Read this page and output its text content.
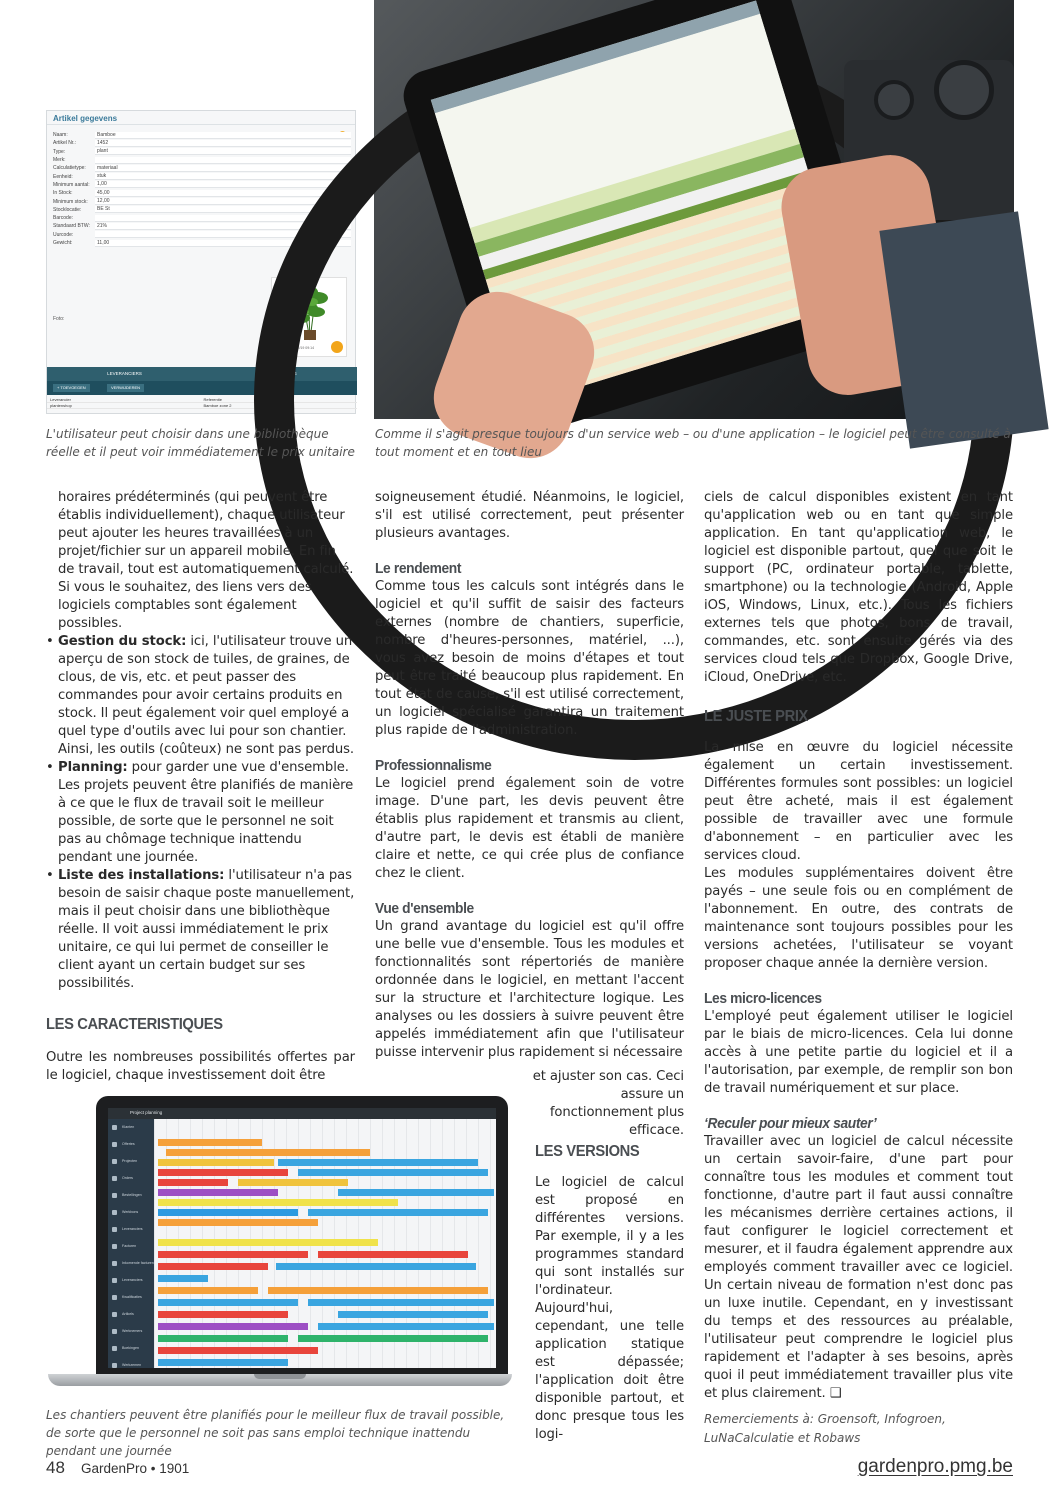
Artikel gegevens
Naam:	Bamboe
Artikel Nr.:	1452
Type:	plant
Merk:
Calculatietype:	materiaal
Eenheid:	stuk
Minimum aantal:	1,00
In Stock:	45,00
Minimum stock:	12,00
Stocklocatie:	BE St
Barcode:
Standaard BTW:	21%
Uurcode:
Gewicht:	11,00
Foto:
62 KB - 7/02/19 09:14
LEVERANCIERS	OMSCHRIJVING
+ TOEVOEGEN	VERWIJDEREN
Leverancier	Referentie
plantenshop	Bamboe zone 2
L'utilisateur peut choisir dans une bibliothèque réelle et il peut voir immédiatement le prix unitaire
Comme il s'agit presque toujours d'un service web – ou d'une application – le logiciel peut être consulté à tout moment et en tout lieu

horaires prédéterminés (qui peuvent être établis individuellement), chaque utilisateur peut ajouter les heures travaillées à un projet/fichier sur un appareil mobile. En fin de travail, tout est automatiquement calculé. Si vous le souhaitez, des liens vers des logiciels comptables sont également possibles.

• Gestion du stock: ici, l'utilisateur trouve un aperçu de son stock de tuiles, de graines, de clous, de vis, etc. et peut passer des commandes pour avoir certains produits en stock. Il peut également voir quel employé a quel type d'outils avec lui pour son chantier. Ainsi, les outils (coûteux) ne sont pas perdus.
• Planning: pour garder une vue d'ensemble. Les projets peuvent être planifiés de manière à ce que le flux de travail soit le meilleur possible, de sorte que le personnel ne soit pas au chômage technique inattendu pendant une journée.
• Liste des installations: l'utilisateur n'a pas besoin de saisir chaque poste manuellement, mais il peut choisir dans une bibliothèque réelle. Il voit aussi immédiatement le prix unitaire, ce qui lui permet de conseiller le client ayant un certain budget sur ses possibilités.
LES CARACTERISTIQUES

Outre les nombreuses possibilités offertes par le logiciel, chaque investissement doit être

soigneusement étudié. Néanmoins, le logiciel, s'il est utilisé correctement, peut présenter plusieurs avantages.

Le rendement

Comme tous les calculs sont intégrés dans le logiciel et qu'il suffit de saisir des facteurs externes (nombre de chantiers, superficie, nombre d'heures-personnes, matériel, ...), vous avez besoin de moins d'étapes et tout peut être traité beaucoup plus rapidement. En tout état de cause, s'il est utilisé correctement, un logiciel spécialisé garantira un traitement plus rapide de l'administration.

Professionnalisme

Le logiciel prend également soin de votre image. D'une part, les devis peuvent être établis plus rapidement et transmis au client, d'autre part, le devis est établi de manière claire et nette, ce qui crée plus de confiance chez le client.

Vue d'ensemble

Un grand avantage du logiciel est qu'il offre une belle vue d'ensemble. Tous les modules et fonctionnalités sont répertoriés de manière ordonnée dans le logiciel, en mettant l'accent sur la structure et l'architecture logique. Les analyses ou les dossiers à suivre peuvent être appelés immédiatement afin que l'utilisateur puisse intervenir plus rapidement si nécessaire

et ajuster son cas. Ceci assure un fonctionnement plus efficace.

LES VERSIONS

Le logiciel de calcul est proposé en différentes versions. Par exemple, il y a les programmes standard qui sont installés sur l'ordinateur. Aujourd'hui, cependant, une telle application statique est dépassée; l'application doit être disponible partout, et donc presque tous les logi-

ciels de calcul disponibles existent en tant qu'application web ou en tant que simple application. En tant qu'application web, le logiciel est disponible partout, quel que soit le support (PC, ordinateur portable, tablette, smartphone) ou la technologie (Android, Apple iOS, Windows, Linux, etc.). Tous les fichiers externes tels que photos, bons de travail, commandes, etc. sont ensuite gérés via des services cloud tels que Dropbox, Google Drive, iCloud, OneDrive, etc.

LE JUSTE PRIX

La mise en œuvre du logiciel nécessite également un certain investissement. Différentes formules sont possibles: un logiciel peut être acheté, mais il est également possible de travailler avec une formule d'abonnement – en particulier avec les services cloud.

Les modules supplémentaires doivent être payés – une seule fois ou en complément de l'abonnement. En outre, des contrats de maintenance sont toujours possibles pour les versions achetées, l'utilisateur se voyant proposer chaque année la dernière version.

Les micro-licences

L'employé peut également utiliser le logiciel par le biais de micro-licences. Cela lui donne accès à une petite partie du logiciel et il a l'autorisation, par exemple, de remplir son bon de travail numériquement et sur place.

‘Reculer pour mieux sauter’

Travailler avec un logiciel de calcul nécessite un certain savoir-faire, d'une part pour connaître tous les modules et comment tout fonctionne, d'autre part il faut aussi connaître les mécanismes derrière certaines actions, il faut configurer le logiciel correctement et mesurer, et il faudra également apprendre aux employés comment travailler avec ce logiciel. Un certain niveau de formation n'est donc pas un luxe inutile. Cependant, en y investissant du temps et des ressources au préalable, l'utilisateur peut comprendre le logiciel plus rapidement et l'adapter à ses besoins, après quoi il peut immédiatement travailler plus vite et plus clairement. ❑

Project planning
Klanten
Offertes
Projecten
Orders
Bestellingen
Werkbons
Leveranciers
Facturen
Inkomende facturen
Leveranciers
Kwalificaties
Artikels
Werknemers
Boekingen
Werkzemen
Les chantiers peuvent être planifiés pour le meilleur flux de travail possible, de sorte que le personnel ne soit pas sans emploi technique inattendu pendant une journée
Remerciements à: Groensoft, Infogroen, LuNaCalculatie et Robaws
48 GardenPro • 1901	gardenpro.pmg.be
